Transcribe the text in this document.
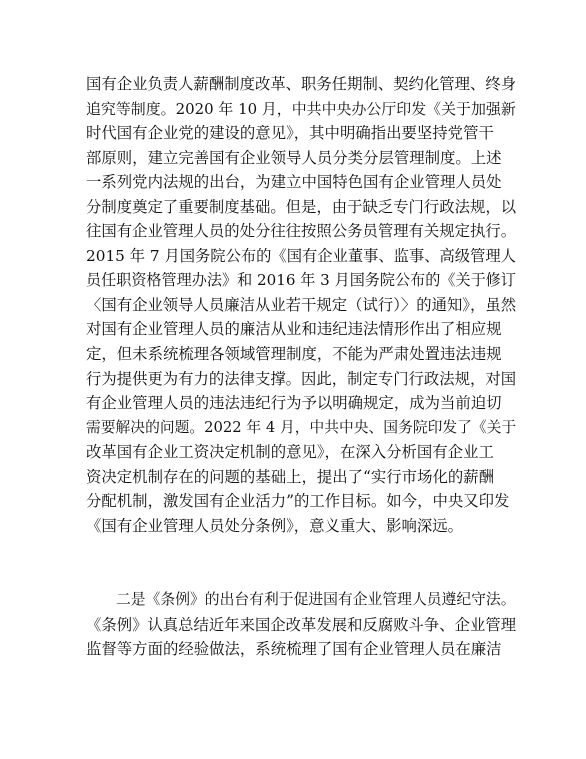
国有企业负责人薪酬制度改革、职务任期制、契约化管理、终身
追究等制度。2020 年 10 月，中共中央办公厅印发《关于加强新
时代国有企业党的建设的意见》，其中明确指出要坚持党管干
部原则，建立完善国有企业领导人员分类分层管理制度。上述
一系列党内法规的出台，为建立中国特色国有企业管理人员处
分制度奠定了重要制度基础。但是，由于缺乏专门行政法规，以
往国有企业管理人员的处分往往按照公务员管理有关规定执行。
2015 年 7 月国务院公布的《国有企业董事、监事、高级管理人
员任职资格管理办法》和 2016 年 3 月国务院公布的《关于修订
〈国有企业领导人员廉洁从业若干规定（试行）〉的通知》，虽然
对国有企业管理人员的廉洁从业和违纪违法情形作出了相应规
定，但未系统梳理各领域管理制度，不能为严肃处置违法违规
行为提供更为有力的法律支撑。因此，制定专门行政法规，对国
有企业管理人员的违法违纪行为予以明确规定，成为当前迫切
需要解决的问题。2022 年 4 月，中共中央、国务院印发了《关于
改革国有企业工资决定机制的意见》，在深入分析国有企业工
资决定机制存在的问题的基础上，提出了“实行市场化的薪酬
分配机制，激发国有企业活力”的工作目标。如今，中央又印发
《国有企业管理人员处分条例》，意义重大、影响深远。
二是《条例》的出台有利于促进国有企业管理人员遵纪守法。
《条例》认真总结近年来国企改革发展和反腐败斗争、企业管理
监督等方面的经验做法，系统梳理了国有企业管理人员在廉洁
